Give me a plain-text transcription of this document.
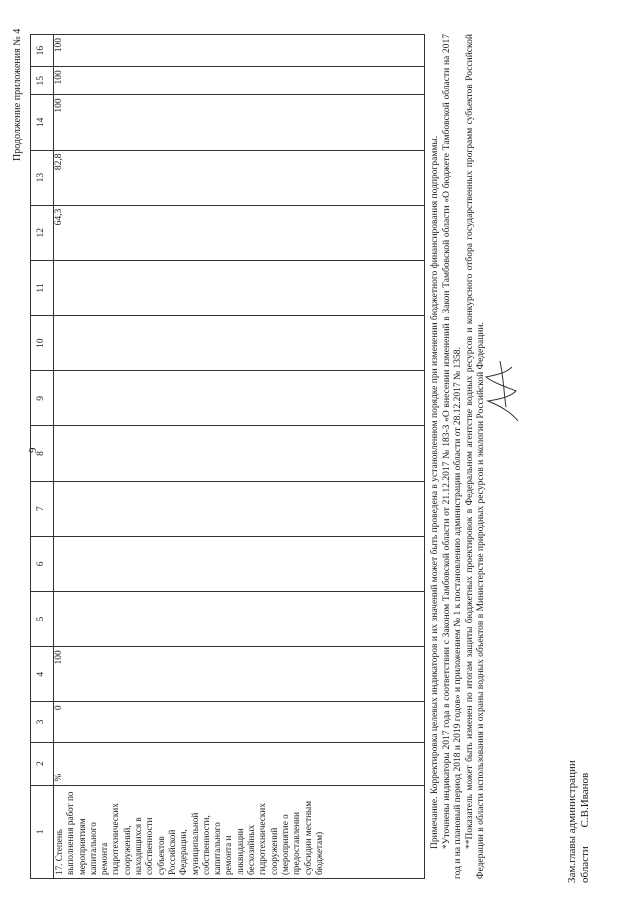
9
Продолжение приложения № 4
1	2	3	4	5	6	7	8	9	10	11	12	13	14	15	16
17. Степень выполнения работ по мероприятиям капитального ремонта гидротехнических сооружений, находящихся в собственности субъектов Российской Федерации, муниципальной собственности, капитального ремонта и ликвидации бесхозяйных гидротехнических сооружений (мероприятие о предоставлении субсидии местным бюджетам)	%	0	100								64,3	82,8	100	100	100

Примечание. Корректировка целевых индикаторов и их значений может быть проведена в установленном порядке при изменении бюджетного финансирования подпрограммы. *Уточнены индикаторы 2017 года в соответствии с Законом Тамбовской области от 21.12.2017 № 183-З «О внесении изменений в Закон Тамбовской области «О бюджете Тамбовской области на 2017 год и на плановый период 2018 и 2019 годов» и приложением № 1 к постановлению администрации области от 28.12.2017 № 1358. **Показатель может быть изменен по итогам защиты бюджетных проектировок в Федеральном агентстве водных ресурсов и конкурсного отбора государственных программ субъектов Российской Федерации в области использования и охраны водных объектов в Министерстве природных ресурсов и экологии Российской Федерации.	Зам.главы администрации области С.В.Иванов
